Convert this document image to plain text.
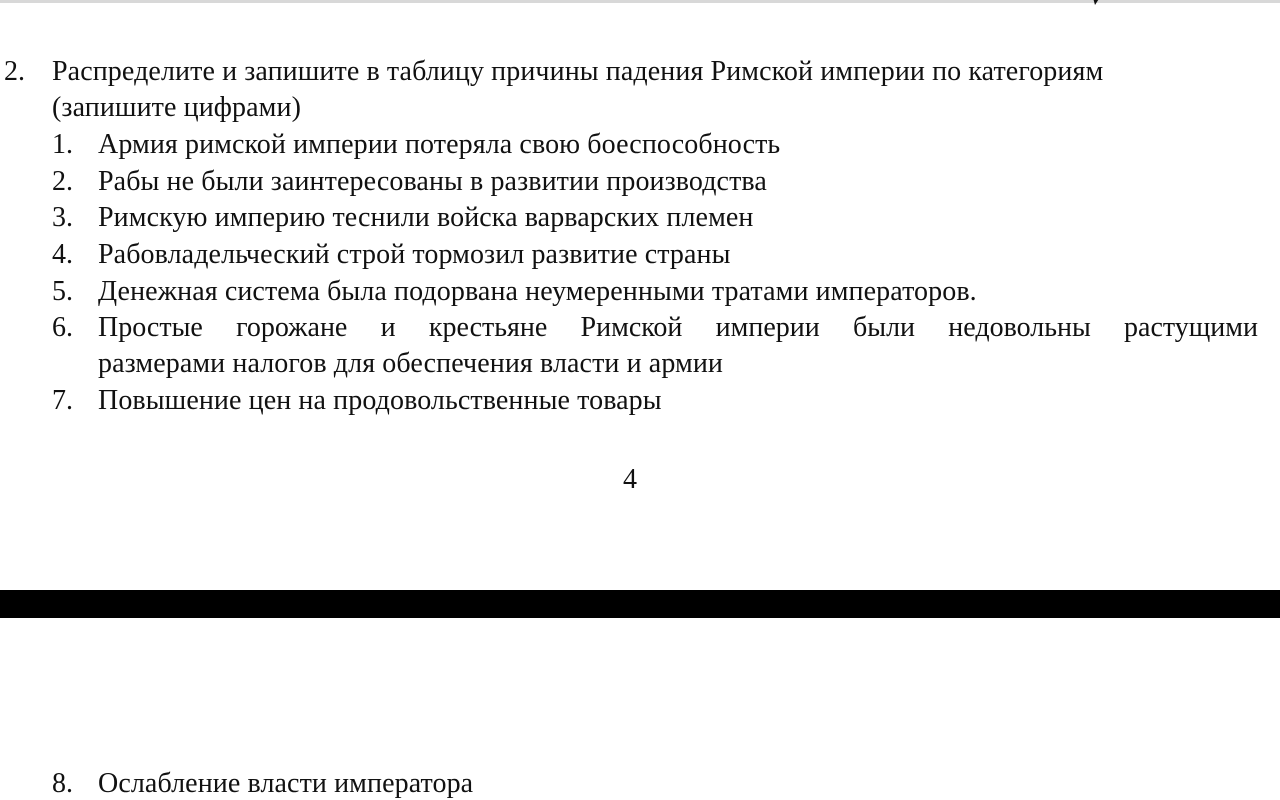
2. Распределите и запишите в таблицу причины падения Римской империи по категориям
(запишите цифрами)
1. Армия римской империи потеряла свою боеспособность
2. Рабы не были заинтересованы в развитии производства
3. Римскую империю теснили войска варварских племен
4. Рабовладельческий строй тормозил развитие страны
5. Денежная система была подорвана неумеренными тратами императоров.
6. Простые горожане и крестьяне Римской империи были недовольны растущими
размерами налогов для обеспечения власти и армии
7. Повышение цен на продовольственные товары
4
8. Ослабление власти императора
